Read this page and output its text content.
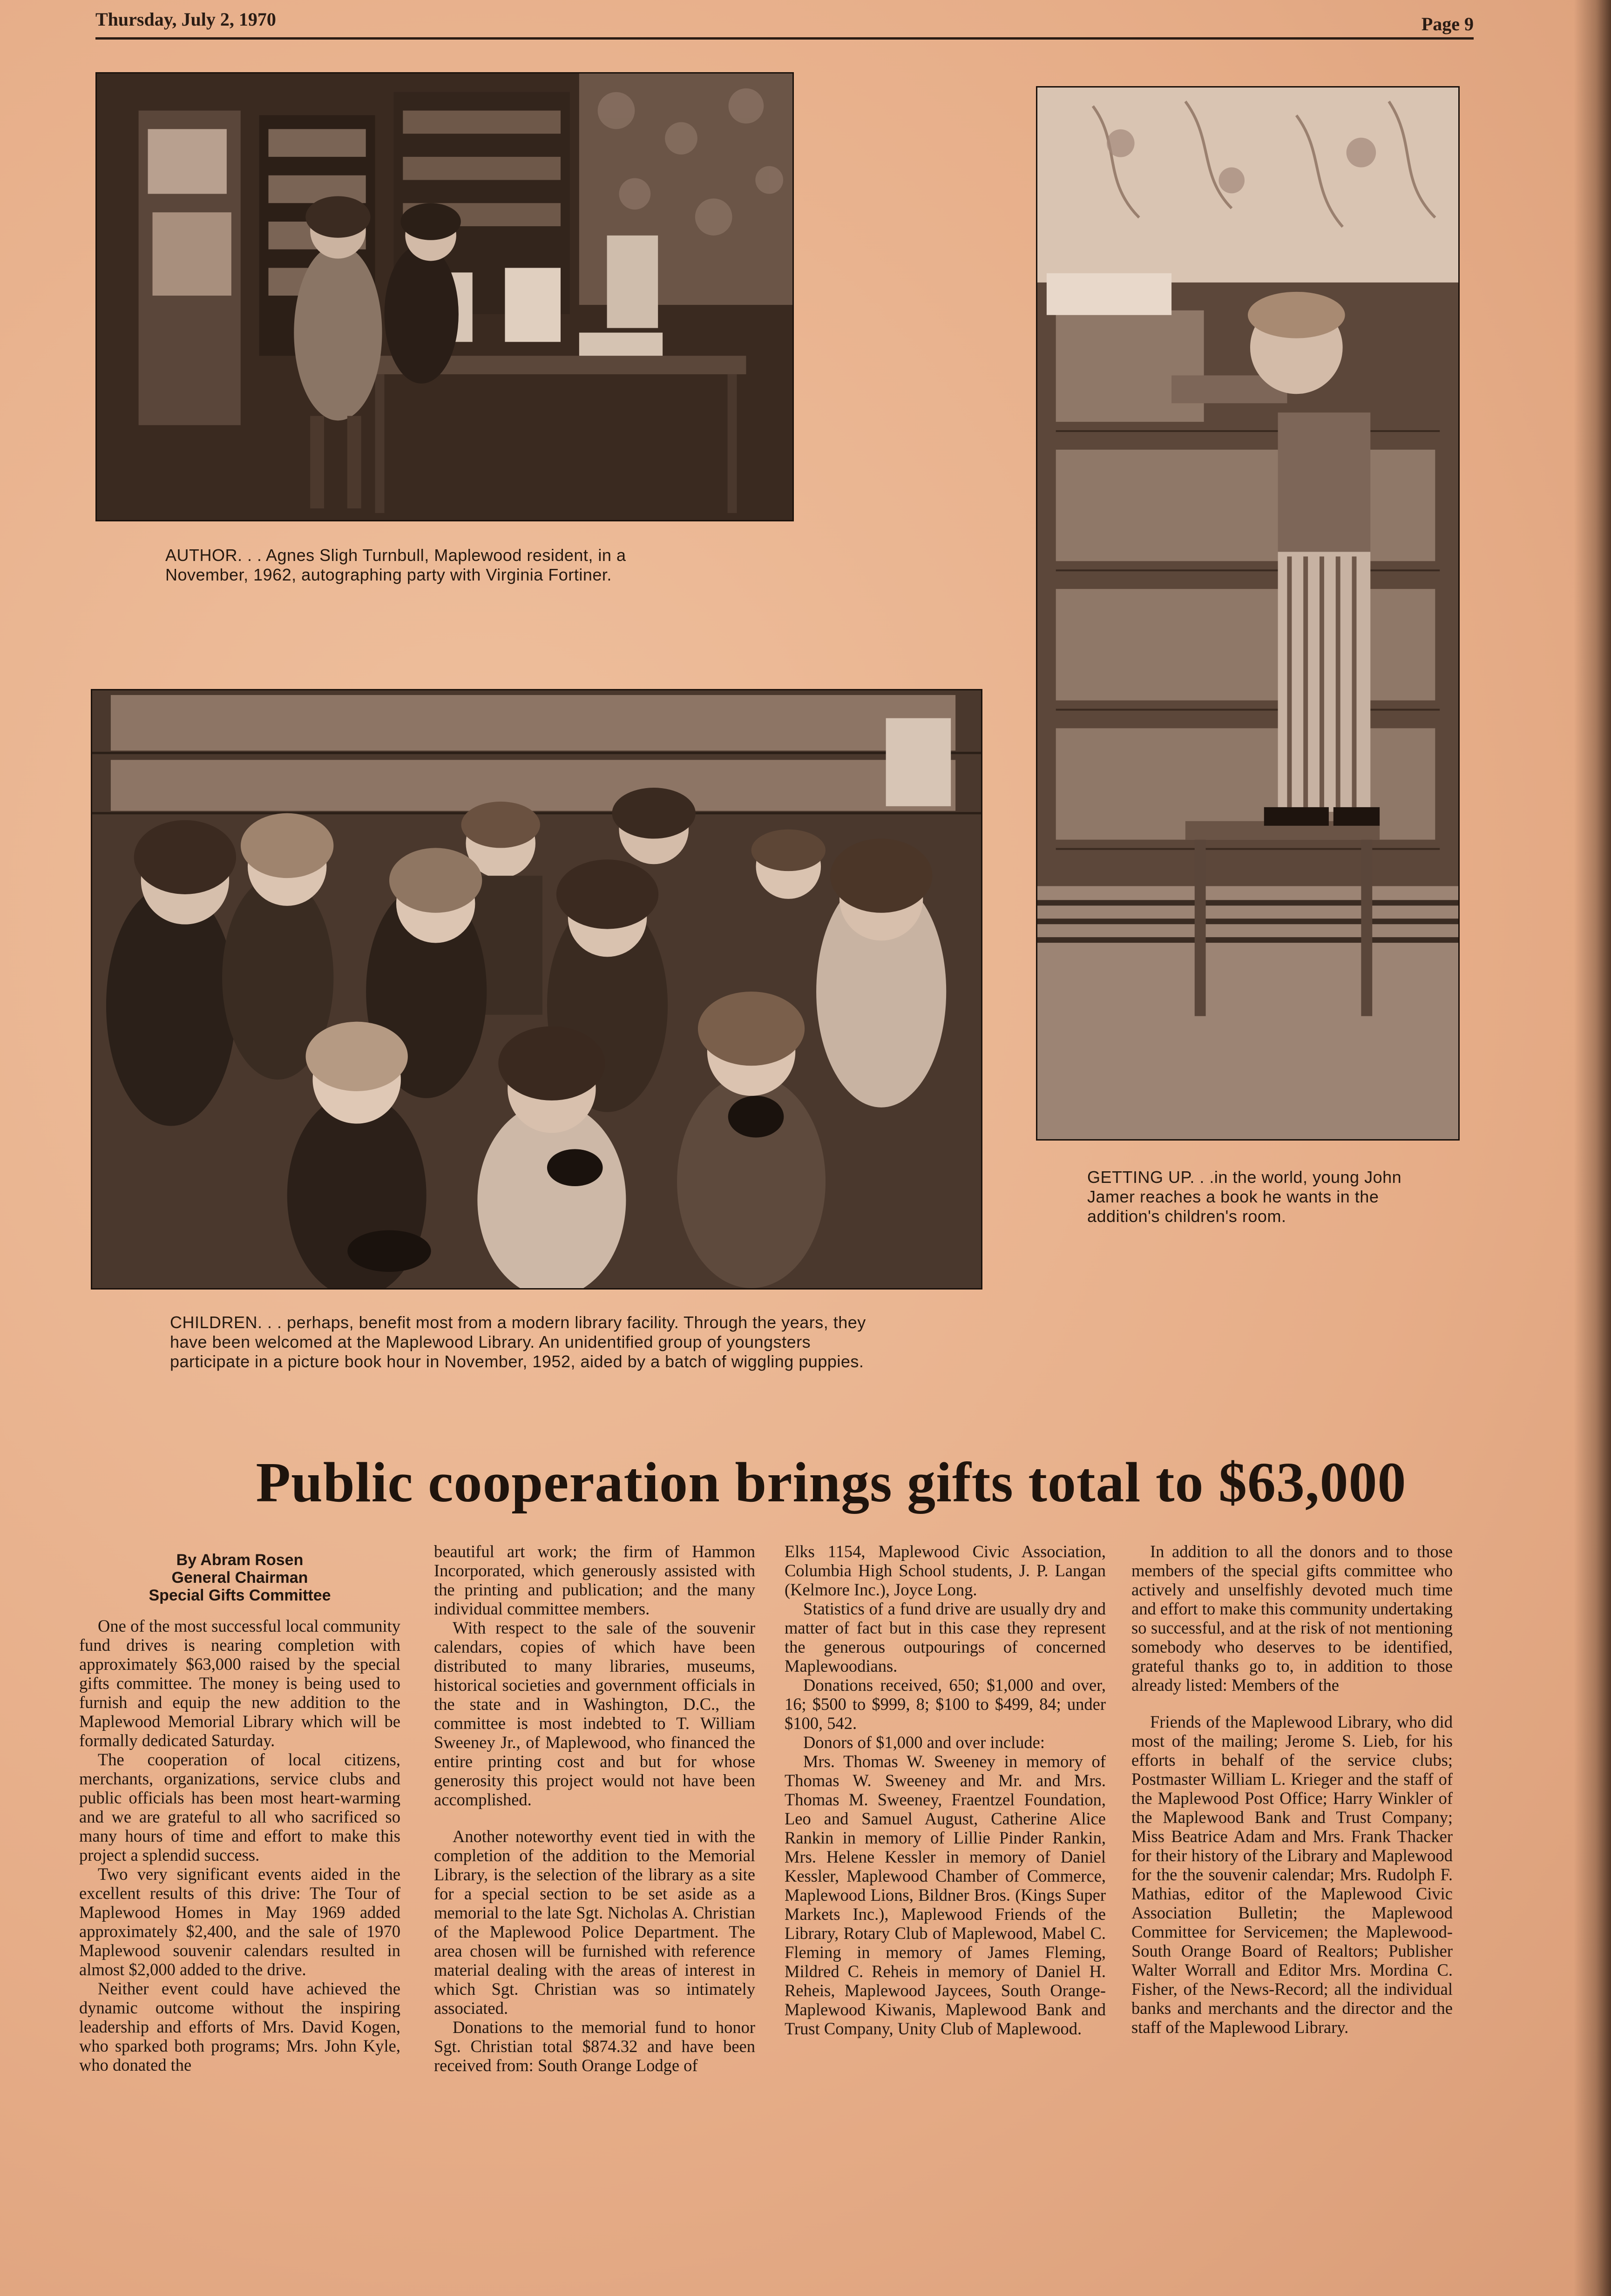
Thursday, July 2, 1970	Page 9
AUTHOR. . . Agnes Sligh Turnbull, Maplewood resident, in a November, 1962, autographing party with Virginia Fortiner.
GETTING UP. . .in the world, young John Jamer reaches a book he wants in the addition's children's room.
CHILDREN. . . perhaps, benefit most from a modern library facility. Through the years, they have been welcomed at the Maplewood Library. An unidentified group of youngsters participate in a picture book hour in November, 1952, aided by a batch of wiggling puppies.
Public cooperation brings gifts total to $63,000
By Abram Rosen
General Chairman
Special Gifts Committee

One of the most successful local community fund drives is nearing completion with approximately $63,000 raised by the special gifts committee. The money is being used to furnish and equip the new addition to the Maplewood Memorial Library which will be formally dedicated Saturday.

The cooperation of local citizens, merchants, organizations, service clubs and public officials has been most heart-warming and we are grateful to all who sacrificed so many hours of time and effort to make this project a splendid success.

Two very significant events aided in the excellent results of this drive: The Tour of Maplewood Homes in May 1969 added approximately $2,400, and the sale of 1970 Maplewood souvenir calendars resulted in almost $2,000 added to the drive.

Neither event could have achieved the dynamic outcome without the inspiring leadership and efforts of Mrs. David Kogen, who sparked both programs; Mrs. John Kyle, who donated the

beautiful art work; the firm of Hammon Incorporated, which generously assisted with the printing and publication; and the many individual committee members.

With respect to the sale of the souvenir calendars, copies of which have been distributed to many libraries, museums, historical societies and government officials in the state and in Washington, D.C., the committee is most indebted to T. William Sweeney Jr., of Maplewood, who financed the entire printing cost and but for whose generosity this project would not have been accomplished.

Another noteworthy event tied in with the completion of the addition to the Memorial Library, is the selection of the library as a site for a special section to be set aside as a memorial to the late Sgt. Nicholas A. Christian of the Maplewood Police Department. The area chosen will be furnished with reference material dealing with the areas of interest in which Sgt. Christian was so intimately associated.

Donations to the memorial fund to honor Sgt. Christian total $874.32 and have been received from: South Orange Lodge of

Elks 1154, Maplewood Civic Association, Columbia High School students, J. P. Langan (Kelmore Inc.), Joyce Long.

Statistics of a fund drive are usually dry and matter of fact but in this case they represent the generous outpourings of concerned Maplewoodians.

Donations received, 650; $1,000 and over, 16; $500 to $999, 8; $100 to $499, 84; under $100, 542.

Donors of $1,000 and over include:

Mrs. Thomas W. Sweeney in memory of Thomas W. Sweeney and Mr. and Mrs. Thomas M. Sweeney, Fraentzel Foundation, Leo and Samuel August, Catherine Alice Rankin in memory of Lillie Pinder Rankin, Mrs. Helene Kessler in memory of Daniel Kessler, Maplewood Chamber of Commerce, Maplewood Lions, Bildner Bros. (Kings Super Markets Inc.), Maplewood Friends of the Library, Rotary Club of Maplewood, Mabel C. Fleming in memory of James Fleming, Mildred C. Reheis in memory of Daniel H. Reheis, Maplewood Jaycees, South Orange-Maplewood Kiwanis, Maplewood Bank and Trust Company, Unity Club of Maplewood.

In addition to all the donors and to those members of the special gifts committee who actively and unselfishly devoted much time and effort to make this community undertaking so successful, and at the risk of not mentioning somebody who deserves to be identified, grateful thanks go to, in addition to those already listed: Members of the

Friends of the Maplewood Library, who did most of the mailing; Jerome S. Lieb, for his efforts in behalf of the service clubs; Postmaster William L. Krieger and the staff of the Maplewood Post Office; Harry Winkler of the Maplewood Bank and Trust Company; Miss Beatrice Adam and Mrs. Frank Thacker for their history of the Library and Maplewood for the the souvenir calendar; Mrs. Rudolph F. Mathias, editor of the Maplewood Civic Association Bulletin; the Maplewood Committee for Servicemen; the Maplewood-South Orange Board of Realtors; Publisher Walter Worrall and Editor Mrs. Mordina C. Fisher, of the News-Record; all the individual banks and merchants and the director and the staff of the Maplewood Library.
